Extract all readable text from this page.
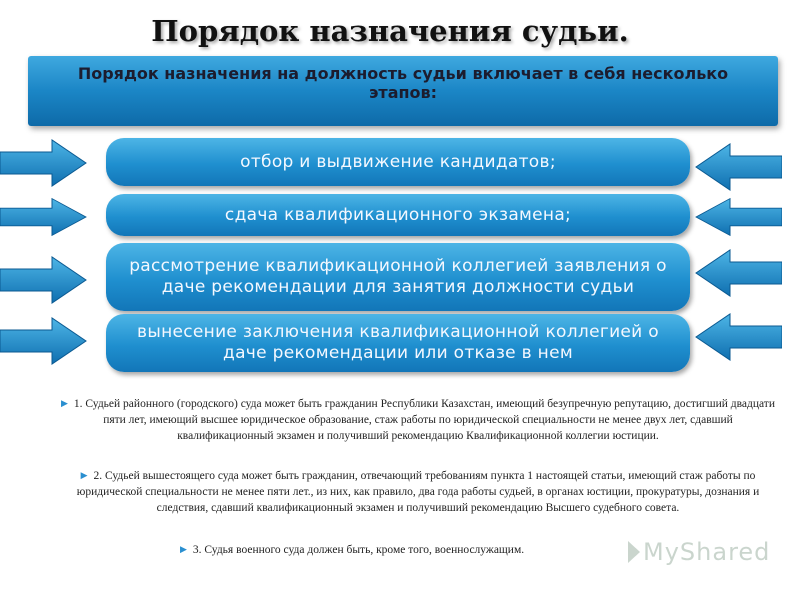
Порядок назначения судьи.
Порядок назначения на должность судьи включает в себя несколько этапов:
отбор и выдвижение кандидатов;
сдача квалификационного экзамена;
рассмотрение квалификационной коллегией заявления о даче рекомендации для занятия должности судьи
вынесение заключения квалификационной коллегией о даче рекомендации или отказе в нем
▶ 1. Судьей районного (городского) суда может быть гражданин Республики Казахстан, имеющий безупречную репутацию, достигший двадцати пяти лет, имеющий высшее юридическое образование, стаж работы по юридической специальности не менее двух лет, сдавший квалификационный экзамен и получивший рекомендацию Квалификационной коллегии юстиции.
▶ 2. Судьей вышестоящего суда может быть гражданин, отвечающий требованиям пункта 1 настоящей статьи, имеющий стаж работы по юридической специальности не менее пяти лет., из них, как правило, два года работы судьей, в органах юстиции, прокуратуры, дознания и следствия, сдавший квалификационный экзамен и получивший рекомендацию Высшего судебного совета.
▶ 3. Судья военного суда должен быть, кроме того, военнослужащим.	MyShared
